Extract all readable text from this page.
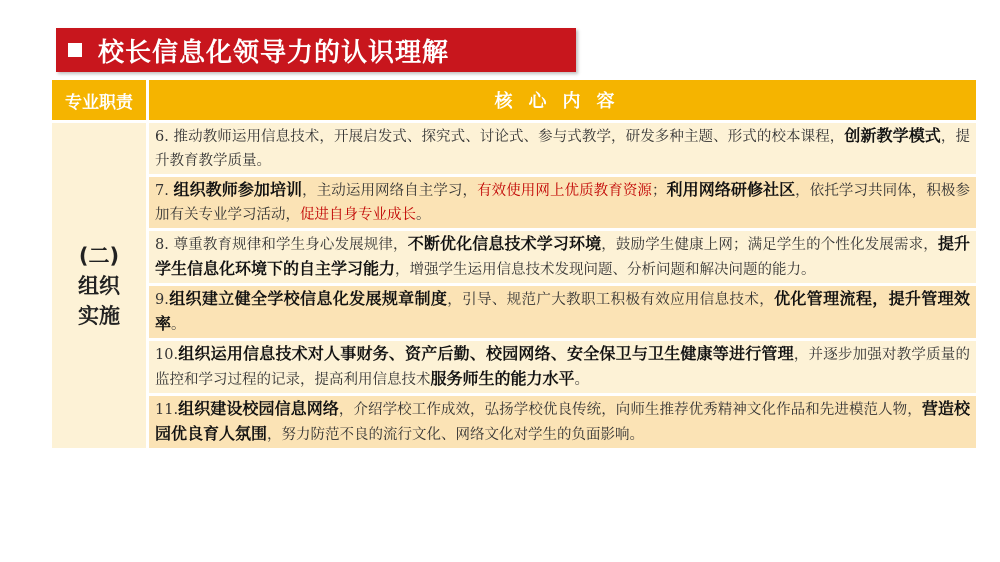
校长信息化领导力的认识理解
专业职责	核心内容
(二)
组织
实施
6. 推动教师运用信息技术，开展启发式、探究式、讨论式、参与式教学，研发多种主题、形式的校本课程，创新教学模式，提升教育教学质量。
7. 组织教师参加培训，主动运用网络自主学习，有效使用网上优质教育资源；利用网络研修社区，依托学习共同体，积极参加有关专业学习活动，促进自身专业成长。
8. 尊重教育规律和学生身心发展规律，不断优化信息技术学习环境，鼓励学生健康上网；满足学生的个性化发展需求，提升学生信息化环境下的自主学习能力，增强学生运用信息技术发现问题、分析问题和解决问题的能力。
9.组织建立健全学校信息化发展规章制度，引导、规范广大教职工积极有效应用信息技术，优化管理流程，提升管理效率。
10.组织运用信息技术对人事财务、资产后勤、校园网络、安全保卫与卫生健康等进行管理，并逐步加强对教学质量的监控和学习过程的记录，提高利用信息技术服务师生的能力水平。
11.组织建设校园信息网络，介绍学校工作成效，弘扬学校优良传统，向师生推荐优秀精神文化作品和先进模范人物，营造校园优良育人氛围，努力防范不良的流行文化、网络文化对学生的负面影响。
